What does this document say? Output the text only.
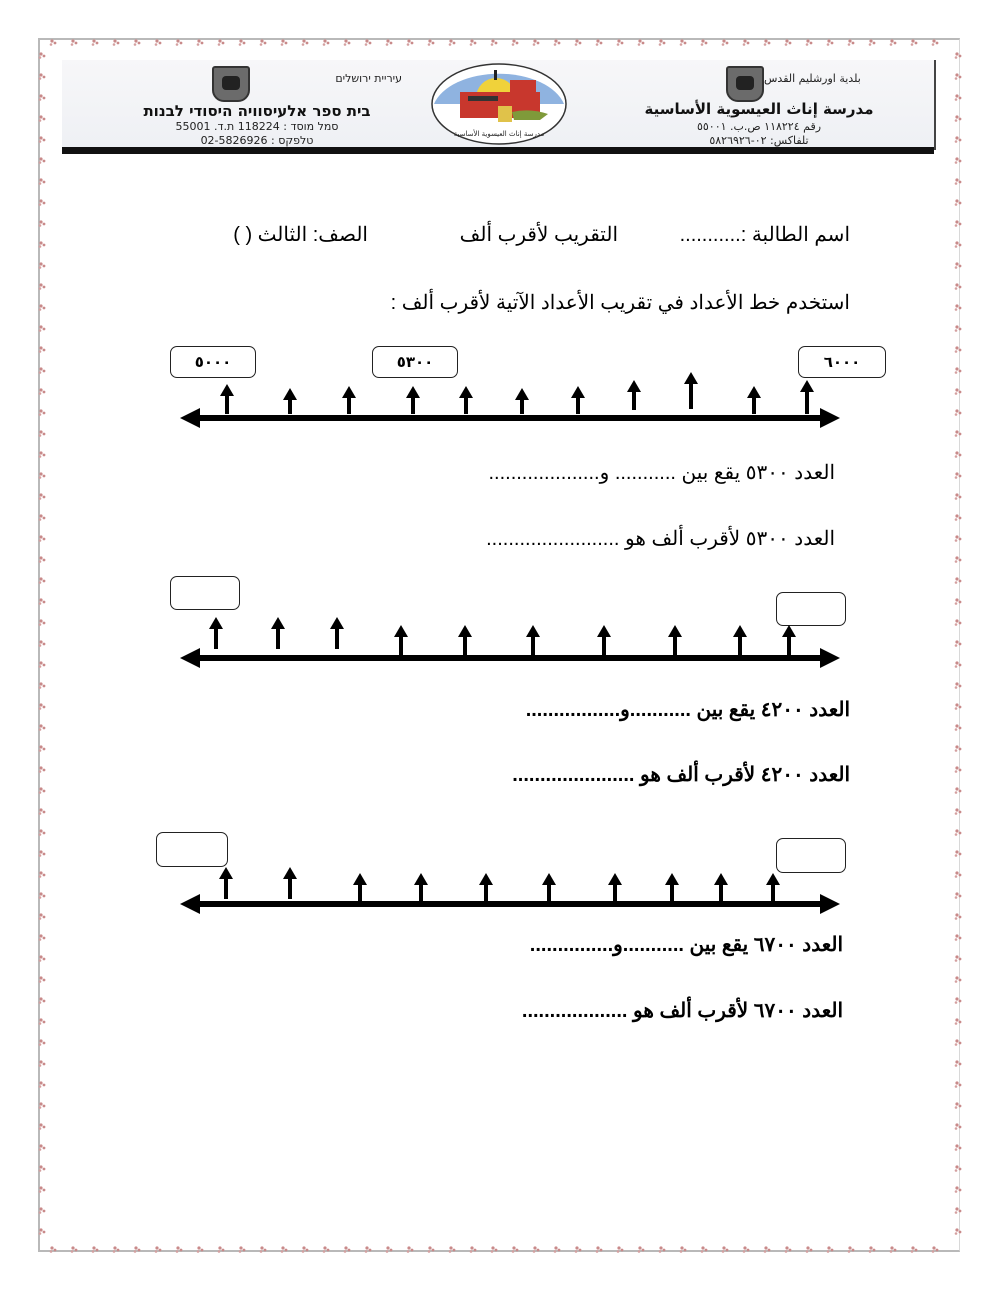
עיריית ירושלים
בית ספר אלעיסוויה היסודי לבנות
סמל מוסד : 118224 ת.ד. 55001
טלפקס : 02-5826926
بلدية اورشليم القدس
مدرسة إناث العيسوية الأساسية
رقم ١١٨٢٢٤ ص.ب. ٥٥٠٠١
تلفاكس: ٠٢-٥٨٢٦٩٢٦
مدرسة إناث العيسوية الأساسية
اسم الطالبة :...........
التقريب لأقرب ألف
الصف: الثالث ( )
استخدم خط الأعداد في تقريب الأعداد الآتية لأقرب ألف :
٥٠٠٠	٥٣٠٠	٦٠٠٠
العدد ٥٣٠٠ يقع بين ........... و....................
العدد ٥٣٠٠ لأقرب ألف هو ........................
العدد ٤٢٠٠ يقع بين ...........و.................
العدد ٤٢٠٠ لأقرب ألف هو ......................
العدد ٦٧٠٠ يقع بين ...........و...............
العدد ٦٧٠٠ لأقرب ألف هو ...................
